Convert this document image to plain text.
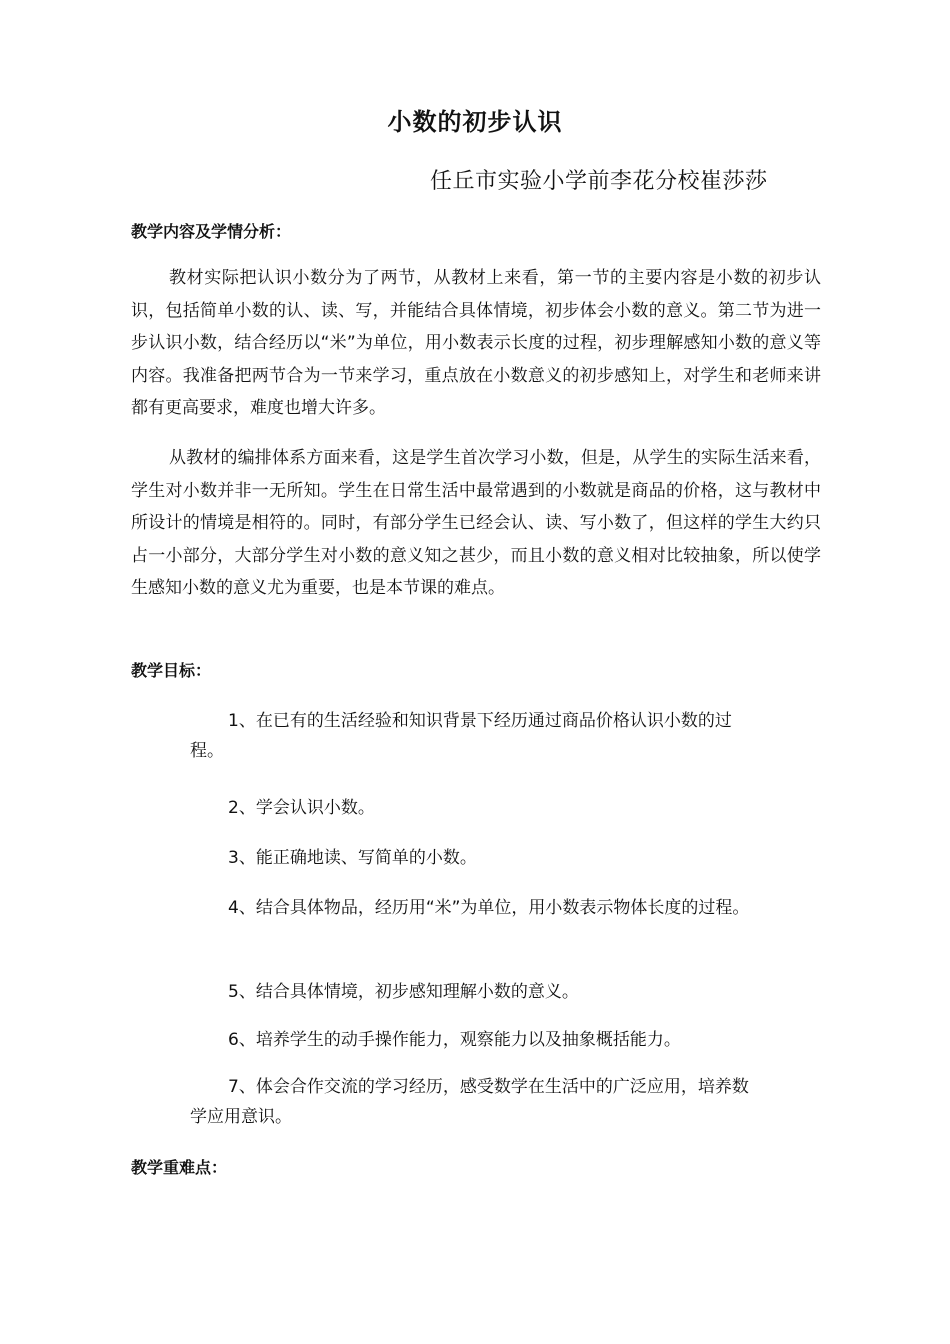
小数的初步认识
任丘市实验小学前李花分校崔莎莎
教学内容及学情分析：

教材实际把认识小数分为了两节，从教材上来看，第一节的主要内容是小数的初步认识，包括简单小数的认、读、写，并能结合具体情境，初步体会小数的意义。第二节为进一步认识小数，结合经历以“米”为单位，用小数表示长度的过程，初步理解感知小数的意义等内容。我准备把两节合为一节来学习，重点放在小数意义的初步感知上，对学生和老师来讲都有更高要求，难度也增大许多。

从教材的编排体系方面来看，这是学生首次学习小数，但是，从学生的实际生活来看，学生对小数并非一无所知。学生在日常生活中最常遇到的小数就是商品的价格，这与教材中所设计的情境是相符的。同时，有部分学生已经会认、读、写小数了，但这样的学生大约只占一小部分，大部分学生对小数的意义知之甚少，而且小数的意义相对比较抽象，所以使学生感知小数的意义尤为重要，也是本节课的难点。

教学目标：

1、在已有的生活经验和知识背景下经历通过商品价格认识小数的过程。

2、学会认识小数。

3、能正确地读、写简单的小数。

4、结合具体物品，经历用“米”为单位，用小数表示物体长度的过程。

5、结合具体情境，初步感知理解小数的意义。

6、培养学生的动手操作能力，观察能力以及抽象概括能力。

7、体会合作交流的学习经历，感受数学在生活中的广泛应用，培养数学应用意识。

教学重难点：
